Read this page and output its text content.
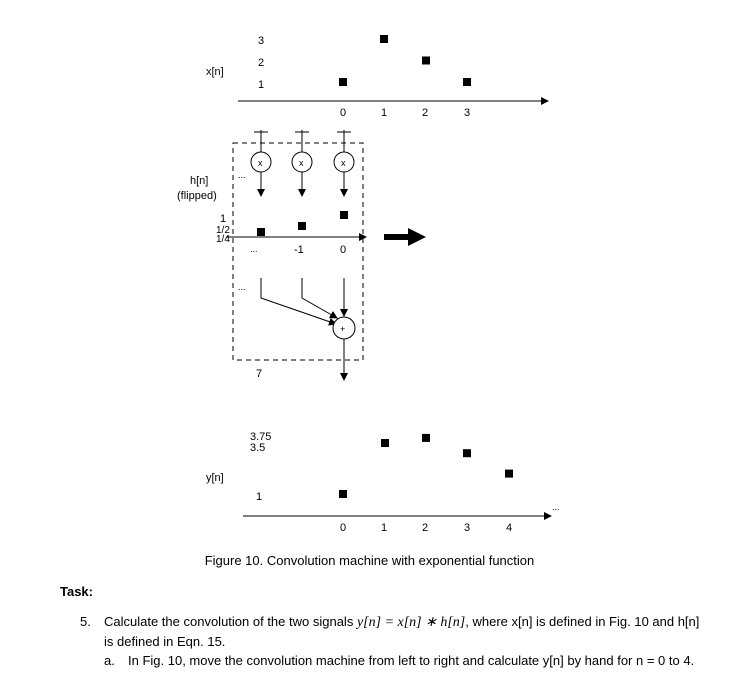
x[n]
3
2
1
0	1	2	3
x	x	x
...
h[n]
(flipped)
1
1/2
1/4
...	-1	0
...
+
7
y[n]
3.75
3.5
1
...
0	1	2	3	4
Figure 10. Convolution machine with exponential function
Task:
5.	Calculate the convolution of the two signals y[n] = x[n] ∗ h[n], where x[n] is defined in Fig. 10 and h[n] is defined in Eqn. 15.
a.	In Fig. 10, move the convolution machine from left to right and calculate y[n] by hand for n = 0 to 4.
